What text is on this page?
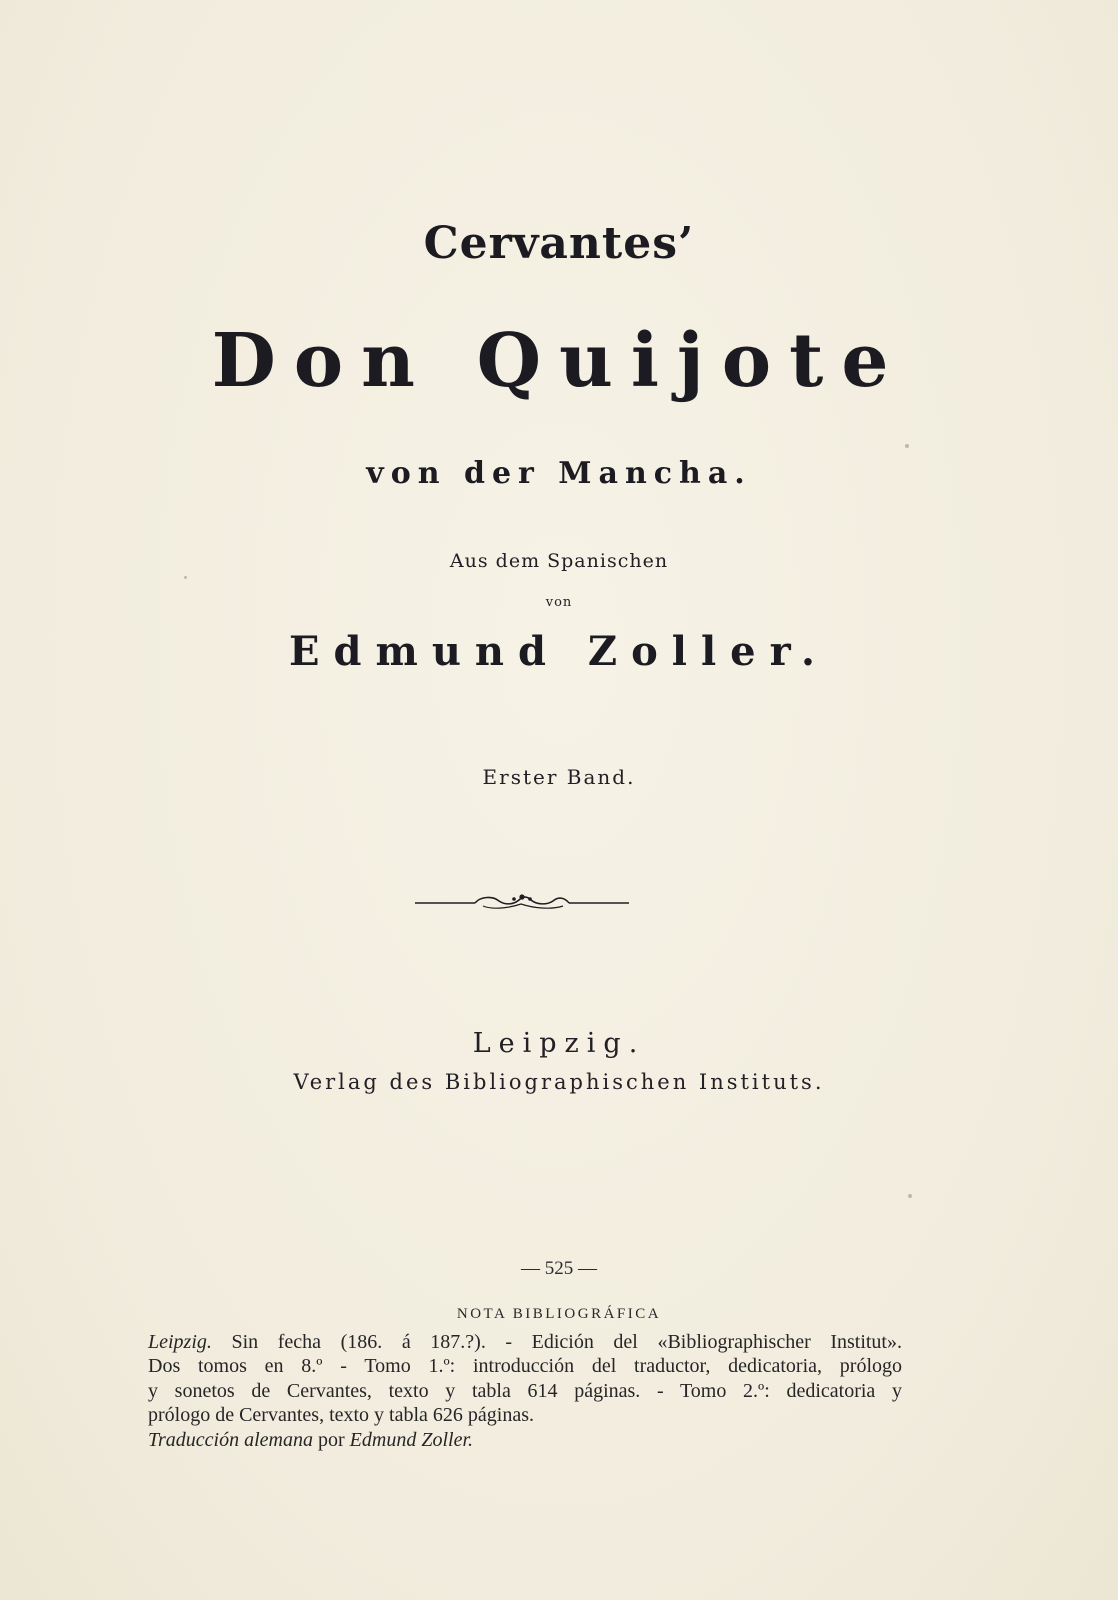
Cervantes’
Don Quijote
von der Mancha.
Aus dem Spanischen
von
Edmund Zoller.
Erster Band.
Leipzig.
Verlag des Bibliographischen Instituts.
— 525 —
NOTA BIBLIOGRÁFICA
Leipzig. Sin fecha (186. á 187.?). - Edición del «Bibliographischer Institut».
Dos tomos en 8.º - Tomo 1.º: introducción del traductor, dedicatoria, prólogo
y sonetos de Cervantes, texto y tabla 614 páginas. - Tomo 2.º: dedicatoria y
prólogo de Cervantes, texto y tabla 626 páginas.
Traducción alemana por Edmund Zoller.
